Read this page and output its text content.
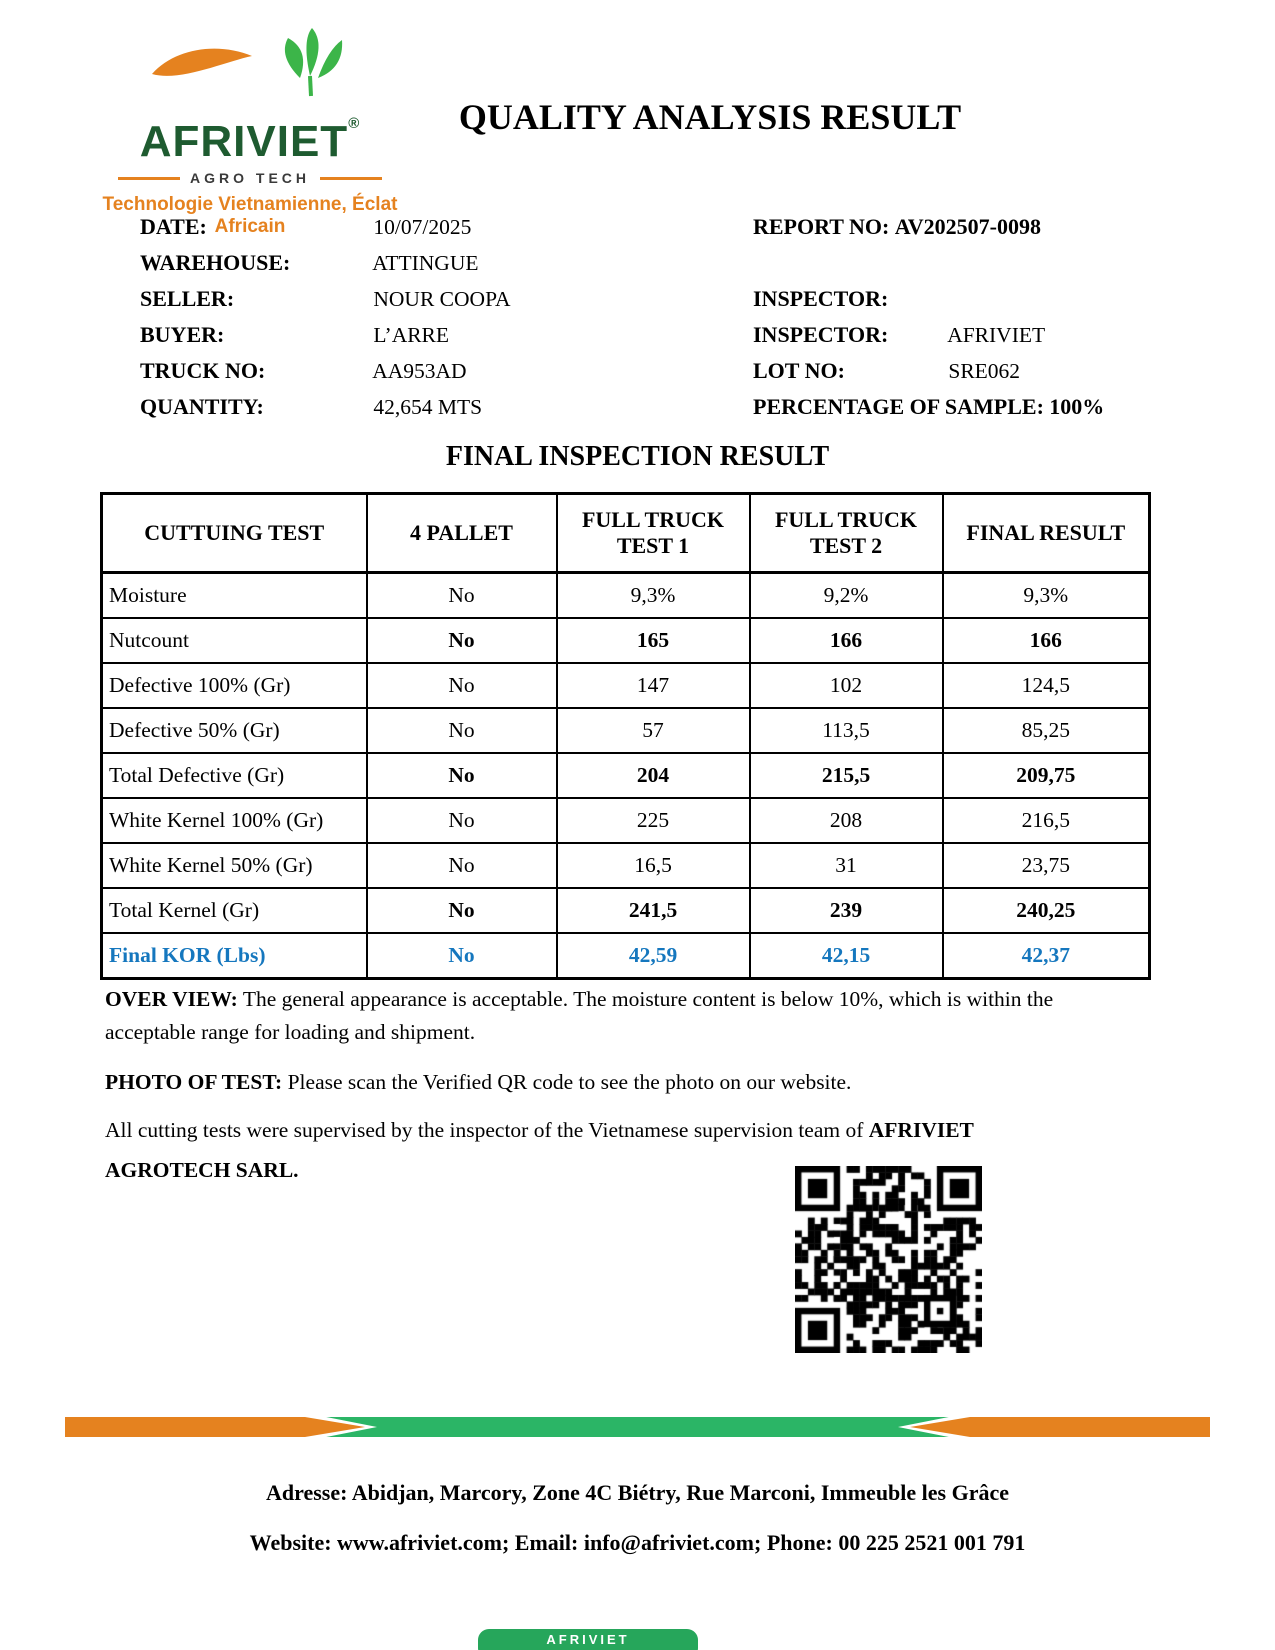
AFRIVIET®
AGRO TECH
Technologie Vietnamienne, Éclat Africain
QUALITY ANALYSIS RESULT
DATE:	10/07/2025
WAREHOUSE:	ATTINGUE
SELLER:	NOUR COOPA
BUYER:	L’ARRE
TRUCK NO:	AA953AD
QUANTITY:	42,654 MTS
REPORT NO: AV202507-0098
INSPECTOR:
INSPECTOR:	AFRIVIET
LOT NO:	SRE062
PERCENTAGE OF SAMPLE: 100%
FINAL INSPECTION RESULT
CUTTUING TEST	4 PALLET	FULL TRUCK TEST 1	FULL TRUCK TEST 2	FINAL RESULT
Moisture	No	9,3%	9,2%	9,3%
Nutcount	No	165	166	166
Defective 100% (Gr)	No	147	102	124,5
Defective 50% (Gr)	No	57	113,5	85,25
Total Defective (Gr)	No	204	215,5	209,75
White Kernel 100% (Gr)	No	225	208	216,5
White Kernel 50% (Gr)	No	16,5	31	23,75
Total Kernel (Gr)	No	241,5	239	240,25
Final KOR (Lbs)	No	42,59	42,15	42,37
OVER VIEW: The general appearance is acceptable. The moisture content is below 10%, which is within the acceptable range for loading and shipment.
PHOTO OF TEST: Please scan the Verified QR code to see the photo on our website.
All cutting tests were supervised by the inspector of the Vietnamese supervision team of AFRIVIET
AGROTECH SARL.
Adresse: Abidjan, Marcory, Zone 4C Biétry, Rue Marconi, Immeuble les Grâce
Website: www.afriviet.com; Email: info@afriviet.com; Phone: 00 225 2521 001 791
AFRIVIET
